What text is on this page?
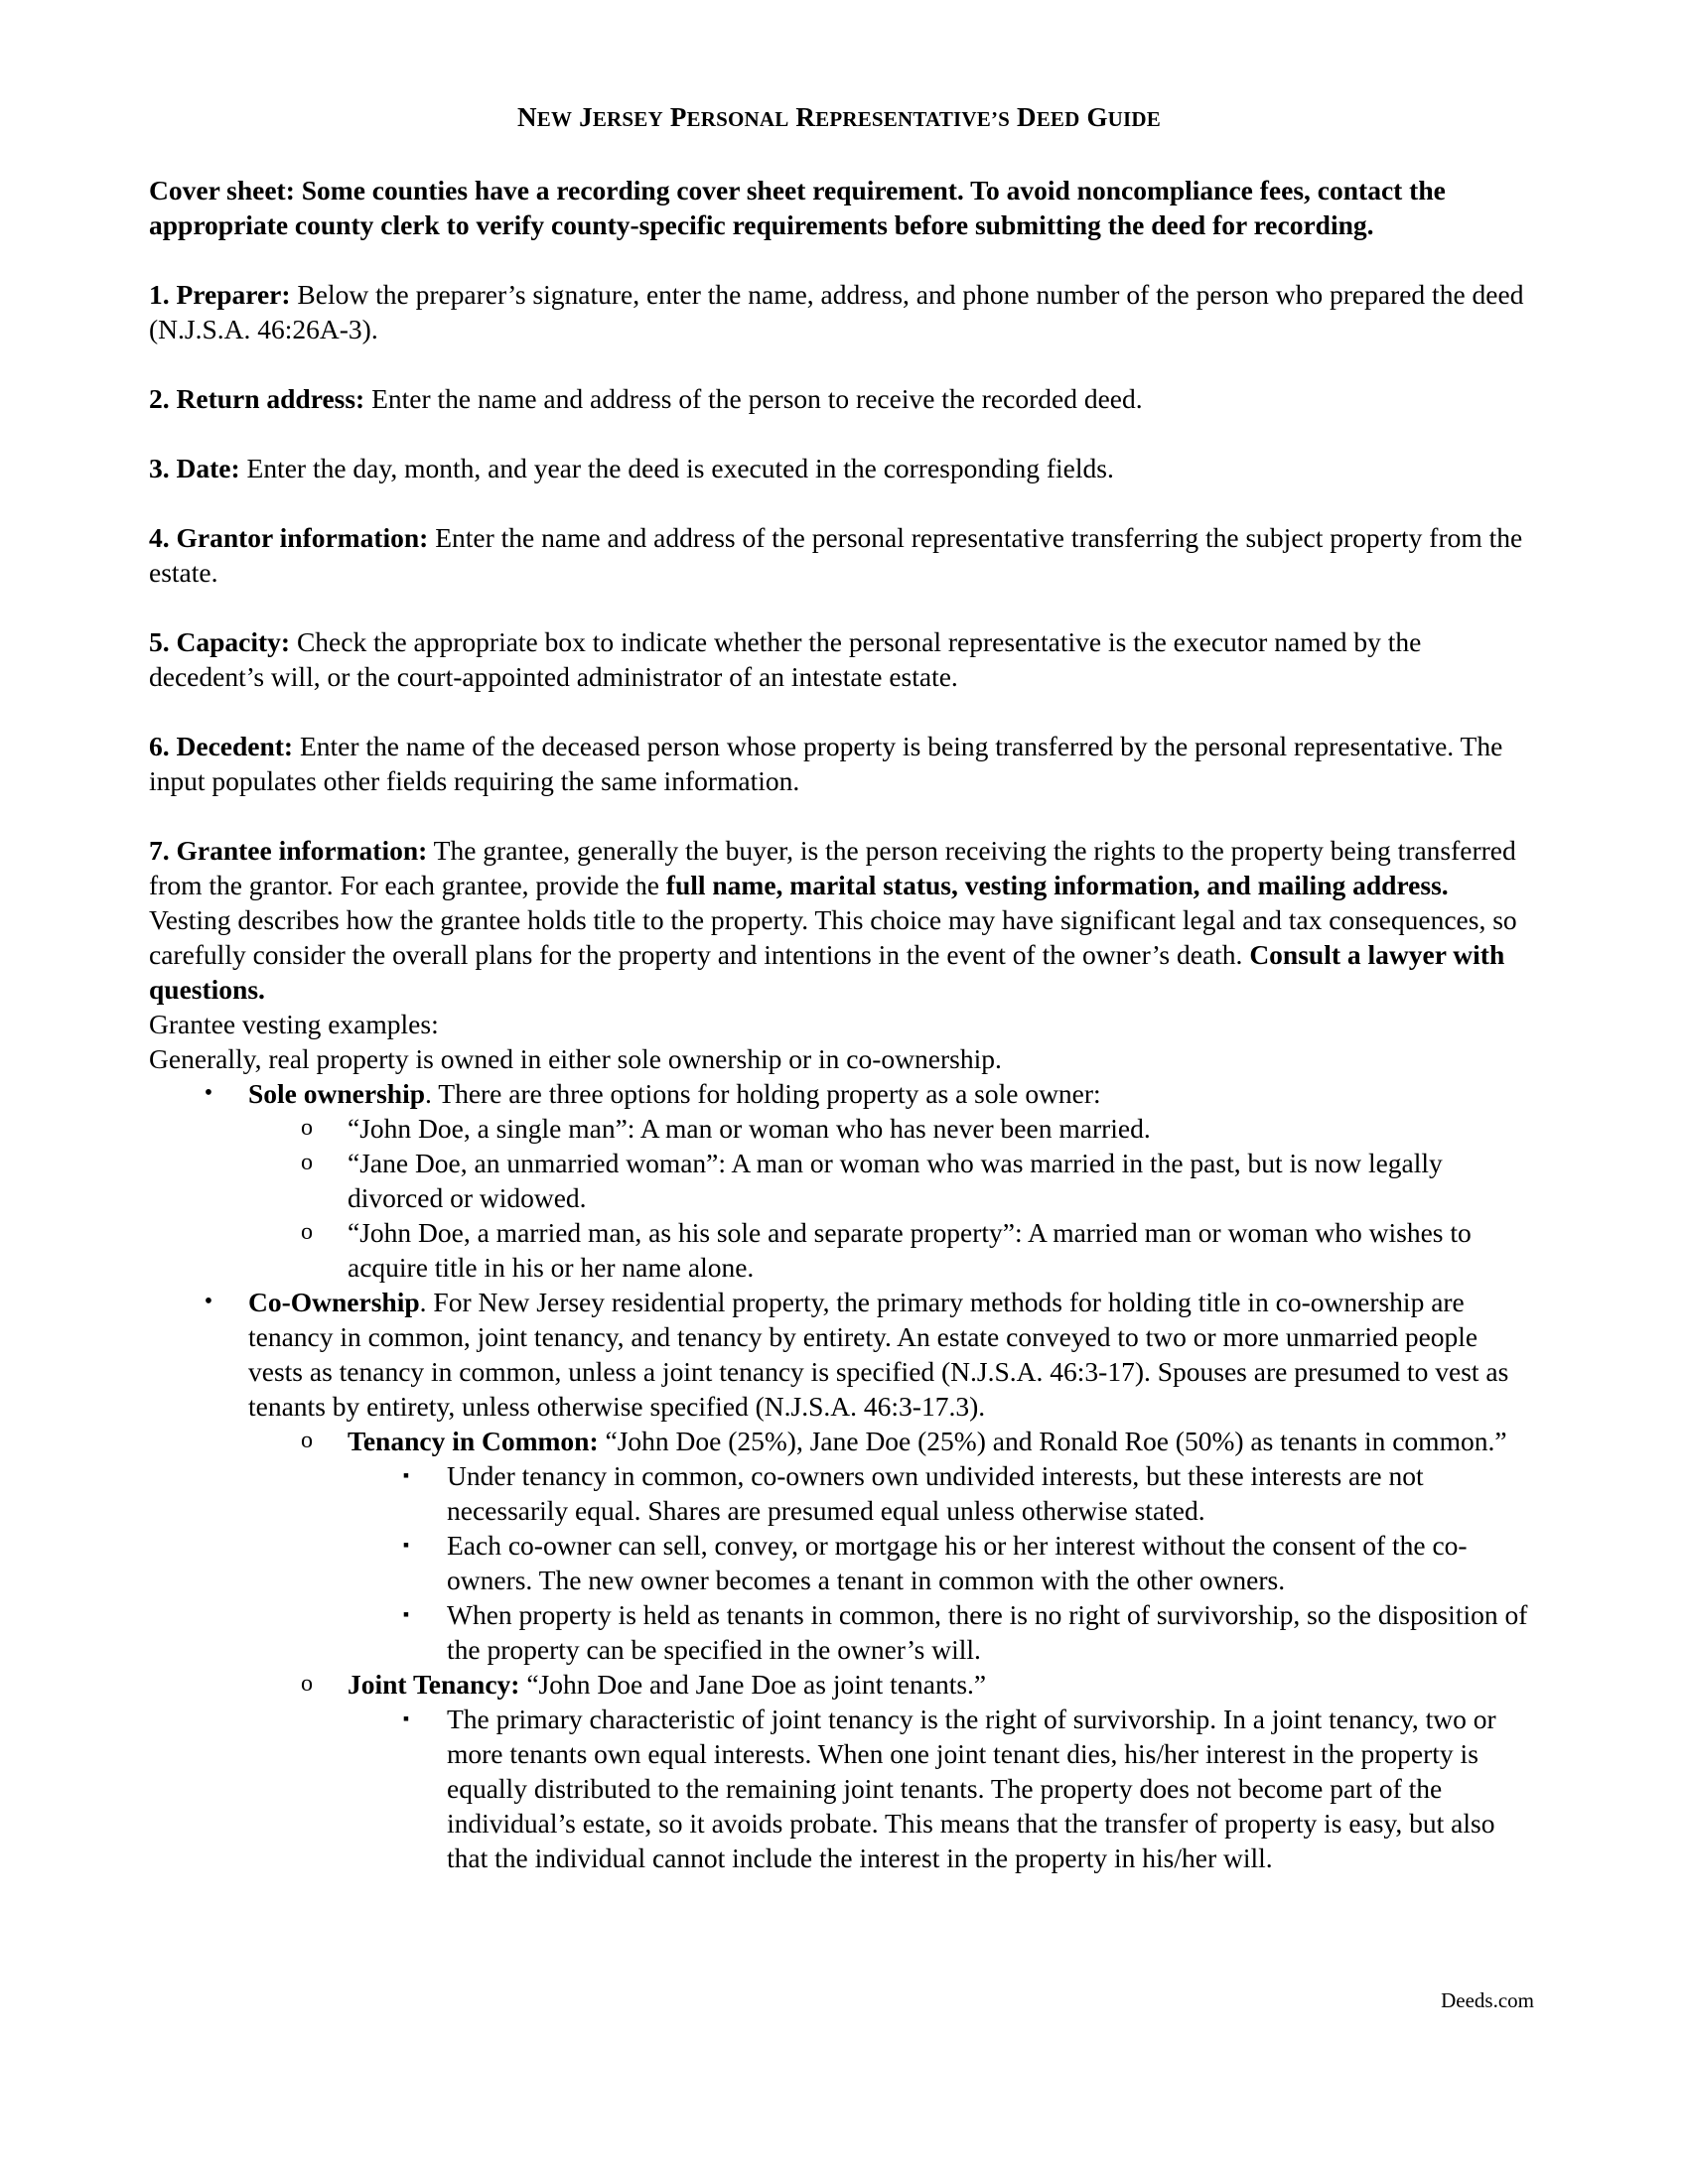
NEW JERSEY PERSONAL REPRESENTATIVE’S DEED GUIDE

Cover sheet: Some counties have a recording cover sheet requirement. To avoid noncompliance fees, contact the appropriate county clerk to verify county-specific requirements before submitting the deed for recording.

1. Preparer: Below the preparer’s signature, enter the name, address, and phone number of the person who prepared the deed (N.J.S.A. 46:26A-3).

2. Return address: Enter the name and address of the person to receive the recorded deed.

3. Date: Enter the day, month, and year the deed is executed in the corresponding fields.

4. Grantor information: Enter the name and address of the personal representative transferring the subject property from the estate.

5. Capacity: Check the appropriate box to indicate whether the personal representative is the executor named by the decedent’s will, or the court-appointed administrator of an intestate estate.

6. Decedent: Enter the name of the deceased person whose property is being transferred by the personal representative. The input populates other fields requiring the same information.

7. Grantee information: The grantee, generally the buyer, is the person receiving the rights to the property being transferred from the grantor. For each grantee, provide the full name, marital status, vesting information, and mailing address. Vesting describes how the grantee holds title to the property. This choice may have significant legal and tax consequences, so carefully consider the overall plans for the property and intentions in the event of the owner’s death. Consult a lawyer with questions.

Grantee vesting examples:

Generally, real property is owned in either sole ownership or in co-ownership.

•	Sole ownership. There are three options for holding property as a sole owner:
o	“John Doe, a single man”: A man or woman who has never been married.
o	“Jane Doe, an unmarried woman”: A man or woman who was married in the past, but is now legally divorced or widowed.
o	“John Doe, a married man, as his sole and separate property”: A married man or woman who wishes to acquire title in his or her name alone.
•	Co-Ownership. For New Jersey residential property, the primary methods for holding title in co-ownership are tenancy in common, joint tenancy, and tenancy by entirety. An estate conveyed to two or more unmarried people vests as tenancy in common, unless a joint tenancy is specified (N.J.S.A. 46:3-17). Spouses are presumed to vest as tenants by entirety, unless otherwise specified (N.J.S.A. 46:3-17.3).
o	Tenancy in Common: “John Doe (25%), Jane Doe (25%) and Ronald Roe (50%) as tenants in common.”
▪	Under tenancy in common, co-owners own undivided interests, but these interests are not necessarily equal. Shares are presumed equal unless otherwise stated.
▪	Each co-owner can sell, convey, or mortgage his or her interest without the consent of the co-owners. The new owner becomes a tenant in common with the other owners.
▪	When property is held as tenants in common, there is no right of survivorship, so the disposition of the property can be specified in the owner’s will.
o	Joint Tenancy: “John Doe and Jane Doe as joint tenants.”
▪	The primary characteristic of joint tenancy is the right of survivorship. In a joint tenancy, two or more tenants own equal interests. When one joint tenant dies, his/her interest in the property is equally distributed to the remaining joint tenants. The property does not become part of the individual’s estate, so it avoids probate. This means that the transfer of property is easy, but also that the individual cannot include the interest in the property in his/her will.
Deeds.com
